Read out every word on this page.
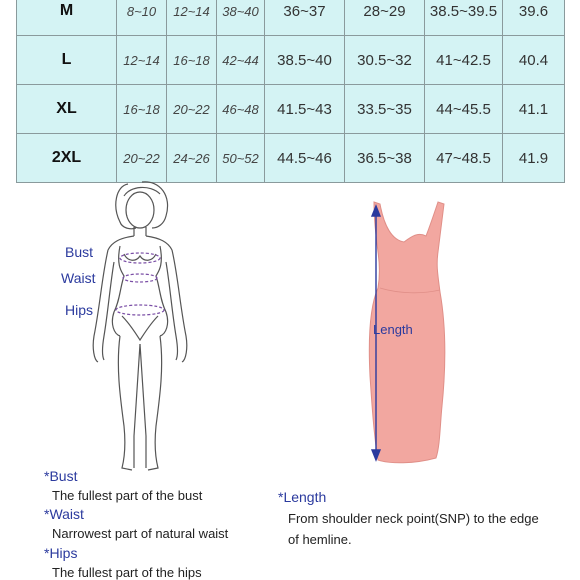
M	8~10	12~14	38~40	36~37	28~29	38.5~39.5	39.6
L	12~14	16~18	42~44	38.5~40	30.5~32	41~42.5	40.4
XL	16~18	20~22	46~48	41.5~43	33.5~35	44~45.5	41.1
2XL	20~22	24~26	50~52	44.5~46	36.5~38	47~48.5	41.9
Bust
Waist
Hips
Length
*Bust
The fullest part of the bust
*Waist
Narrowest part of natural waist
*Hips
The fullest part of the hips
*Length
From shoulder neck point(SNP) to the edge
of hemline.
